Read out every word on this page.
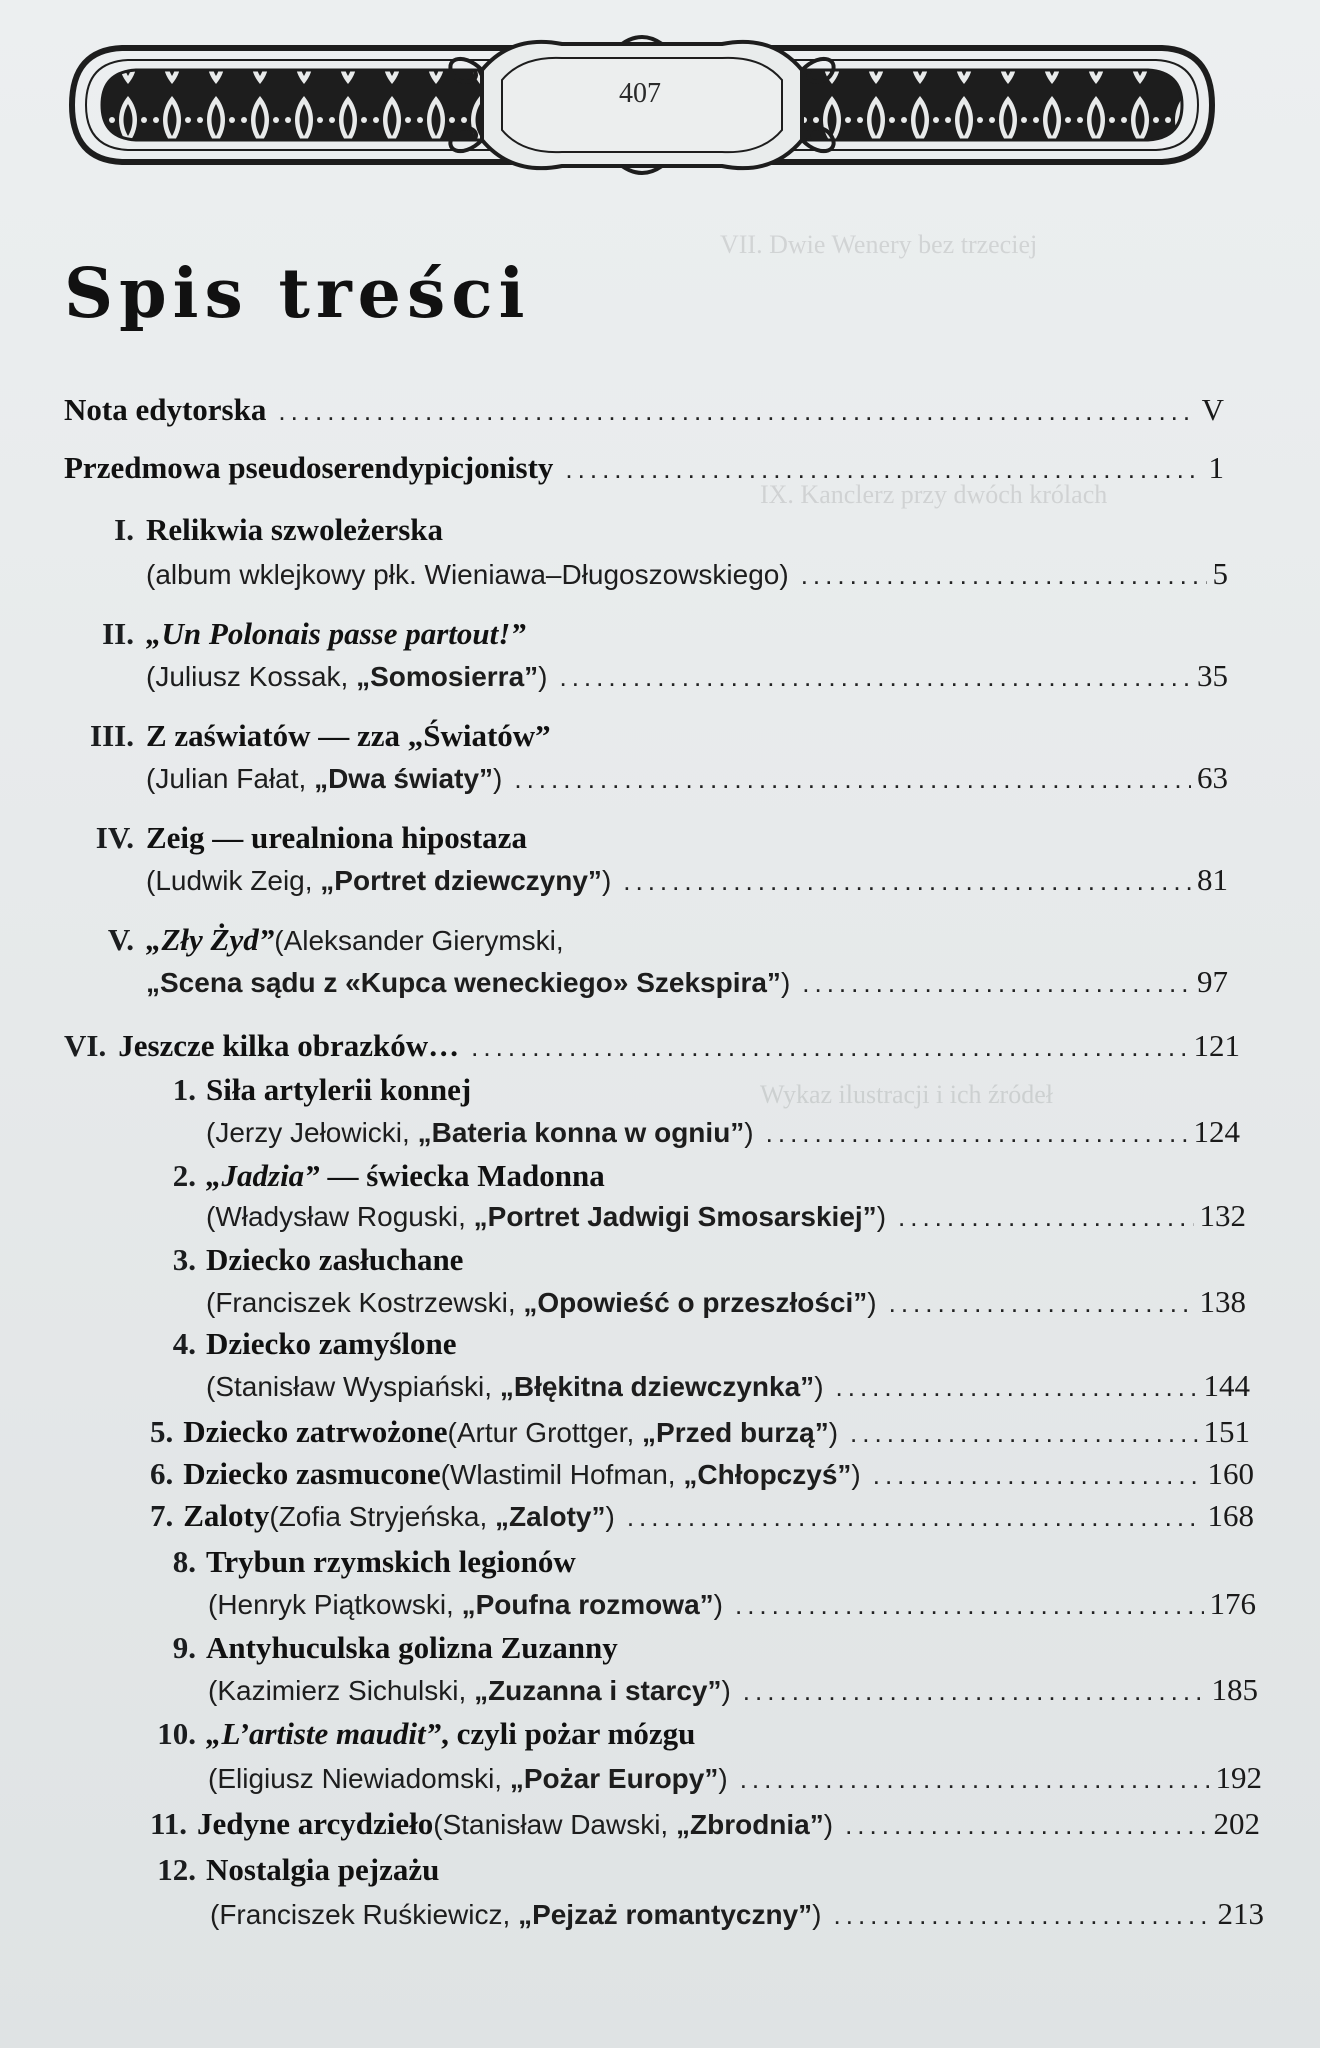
407
VII. Dwie Wenery bez trzeciej
IX. Kanclerz przy dwóch królach
Wykaz ilustracji i ich źródeł
Spis treści
Nota edytorska .....	V
Przedmowa pseudoserendypicjonisty .....	1
I. Relikwia szwoleżerska
(album wklejkowy płk. Wieniawa–Długoszowskiego) .....	5
II. „Un Polonais passe partout!”
(Juliusz Kossak, „Somosierra”) .....	35
III. Z zaświatów — zza „Światów”
(Julian Fałat, „Dwa światy”) .....	63
IV. Zeig — urealniona hipostaza
(Ludwik Zeig, „Portret dziewczyny”) .....	81
V. „Zły Żyd” (Aleksander Gierymski,
„Scena sądu z «Kupca weneckiego» Szekspira”) .....	97
VI. Jeszcze kilka obrazków… .....	121
1. Siła artylerii konnej
(Jerzy Jełowicki, „Bateria konna w ogniu”) .....	124
2. „Jadzia” — świecka Madonna
(Władysław Roguski, „Portret Jadwigi Smosarskiej”) .....	132
3. Dziecko zasłuchane
(Franciszek Kostrzewski, „Opowieść o przeszłości”) .....	138
4. Dziecko zamyślone
(Stanisław Wyspiański, „Błękitna dziewczynka”) .....	144
5. Dziecko zatrwożone (Artur Grottger, „Przed burzą”) .....	151
6. Dziecko zasmucone (Wlastimil Hofman, „Chłopczyś”) .....	160
7. Zaloty (Zofia Stryjeńska, „Zaloty”) .....	168
8. Trybun rzymskich legionów
(Henryk Piątkowski, „Poufna rozmowa”) .....	176
9. Antyhuculska golizna Zuzanny
(Kazimierz Sichulski, „Zuzanna i starcy”) .....	185
10. „L’artiste maudit”, czyli pożar mózgu
(Eligiusz Niewiadomski, „Pożar Europy”) .....	192
11. Jedyne arcydzieło (Stanisław Dawski, „Zbrodnia”) .....	202
12. Nostalgia pejzażu
(Franciszek Ruśkiewicz, „Pejzaż romantyczny”) .....	213
